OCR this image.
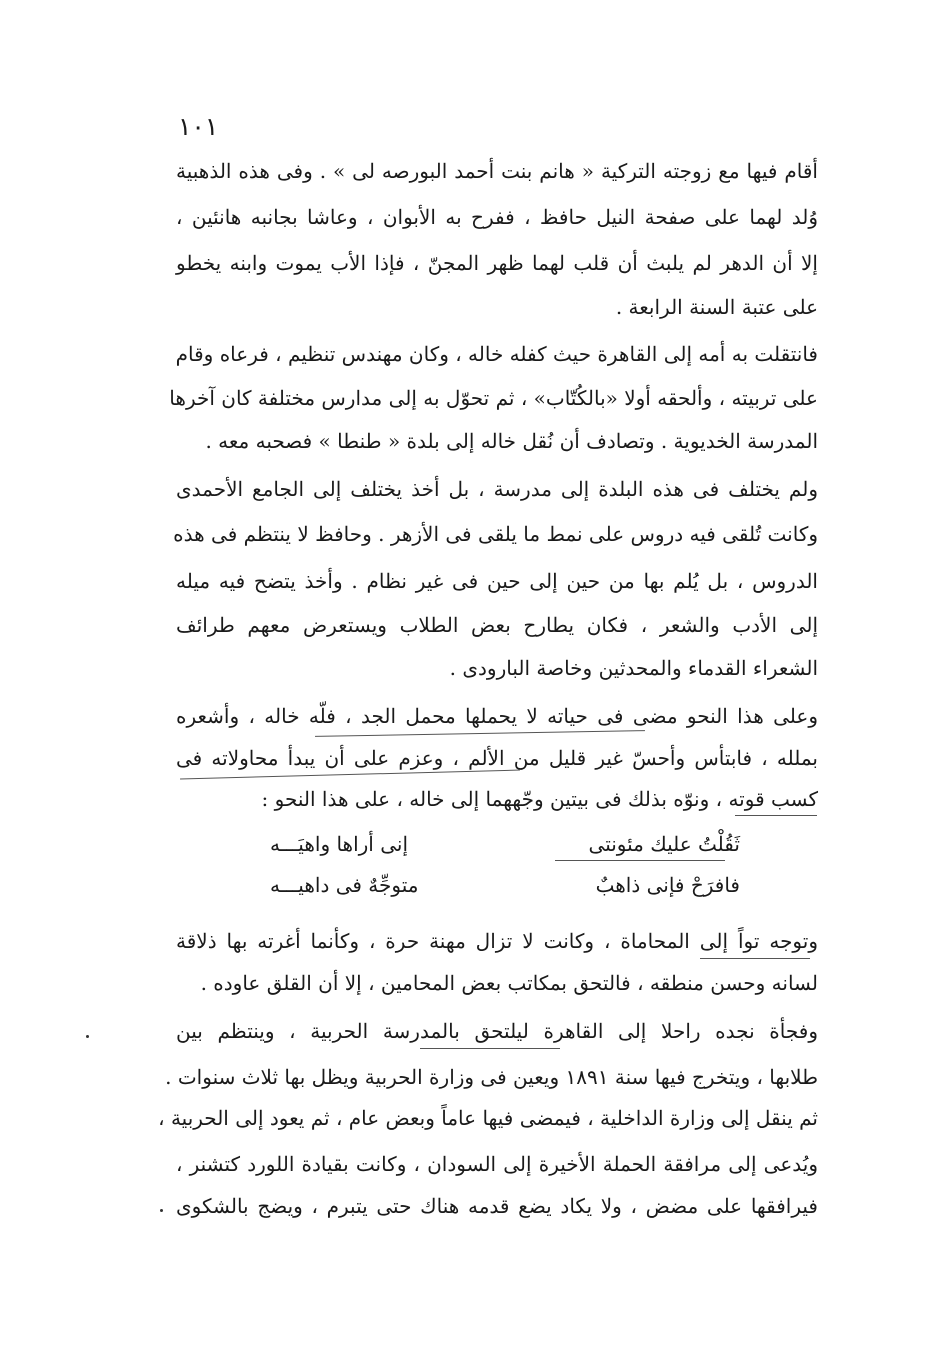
١٠١
أقام فيها مع زوجته التركية « هانم بنت أحمد البورصه لى » . وفى هذه الذهبية
وُلد لهما على صفحة النيل حافظ ، ففرح به الأبوان ، وعاشا بجانبه هانئين ،
إلا أن الدهر لم يلبث أن قلب لهما ظهر المجنّ ، فإذا الأب يموت وابنه يخطو
على عتبة السنة الرابعة .
فانتقلت به أمه إلى القاهرة حيث كفله خاله ، وكان مهندس تنظيم ، فرعاه وقام
على تربيته ، وألحقه أولا «بالكُتّاب» ، ثم تحوّل به إلى مدارس مختلفة كان آخرها
المدرسة الخديوية . وتصادف أن نُقل خاله إلى بلدة « طنطا » فصحبه معه .
ولم يختلف فى هذه البلدة إلى مدرسة ، بل أخذ يختلف إلى الجامع الأحمدى
وكانت تُلقى فيه دروس على نمط ما يلقى فى الأزهر . وحافظ لا ينتظم فى هذه
الدروس ، بل يُلم بها من حين إلى حين فى غير نظام . وأخذ يتضح فيه ميله
إلى الأدب والشعر ، فكان يطارح بعض الطلاب ويستعرض معهم طرائف
الشعراء القدماء والمحدثين وخاصة البارودى .
وعلى هذا النحو مضى فى حياته لا يحملها محمل الجد ، فلّه خاله ، وأشعره
بملله ، فابتأس وأحسّ غير قليل من الألم ، وعزم على أن يبدأ محاولاته فى
كسب قوته ، ونوّه بذلك فى بيتين وجّههما إلى خاله ، على هذا النحو :
ثَقُلْتُ عليك مئونتى
إنى أراها واهيَـــه
فافرَحْ فإنى ذاهبٌ
متوجِّهٌ فى داهيـــه
وتوجه تواً إلى المحاماة ، وكانت لا تزال مهنة حرة ، وكأنما أغرته بها ذلاقة
لسانه وحسن منطقه ، فالتحق بمكاتب بعض المحامين ، إلا أن القلق عاوده .
وفجأة نجده راحلا إلى القاهرة ليلتحق بالمدرسة الحربية ، وينتظم بين
طلابها ، ويتخرج فيها سنة ١٨٩١ ويعين فى وزارة الحربية ويظل بها ثلاث سنوات .
ثم ينقل إلى وزارة الداخلية ، فيمضى فيها عاماً وبعض عام ، ثم يعود إلى الحربية ،
ويُدعى إلى مرافقة الحملة الأخيرة إلى السودان ، وكانت بقيادة اللورد كتشنر ،
فيرافقها على مضض ، ولا يكاد يضع قدمه هناك حتى يتبرم ، ويضج بالشكوى
